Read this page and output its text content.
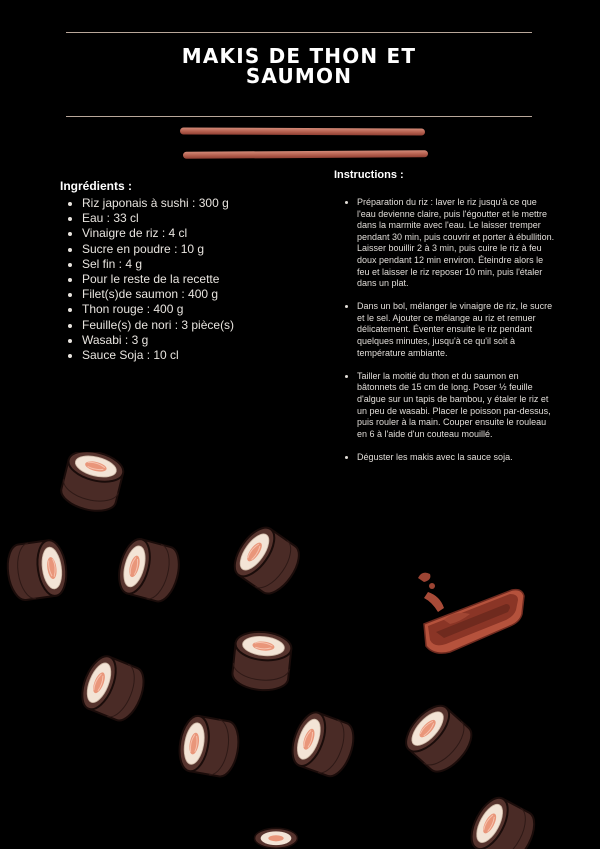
MAKIS DE THON ET
SAUMON
Ingrédients :
• Riz japonais à sushi : 300 g
• Eau : 33 cl
• Vinaigre de riz : 4 cl
• Sucre en poudre : 10 g
• Sel fin : 4 g
• Pour le reste de la recette
• Filet(s)de saumon : 400 g
• Thon rouge : 400 g
• Feuille(s) de nori : 3 pièce(s)
• Wasabi : 3 g
• Sauce Soja : 10 cl
Instructions :
• Préparation du riz : laver le riz jusqu'à ce que l'eau devienne claire, puis l'égoutter et le mettre dans la marmite avec l'eau. Le laisser tremper pendant 30 min, puis couvrir et porter à ébullition. Laisser bouillir 2 à 3 min, puis cuire le riz à feu doux pendant 12 min environ. Éteindre alors le feu et laisser le riz reposer 10 min, puis l'étaler dans un plat.
• Dans un bol, mélanger le vinaigre de riz, le sucre et le sel. Ajouter ce mélange au riz et remuer délicatement. Éventer ensuite le riz pendant quelques minutes, jusqu'à ce qu'il soit à température ambiante.
• Tailler la moitié du thon et du saumon en bâtonnets de 15 cm de long. Poser ½ feuille d'algue sur un tapis de bambou, y étaler le riz et un peu de wasabi. Placer le poisson par-dessus, puis rouler à la main. Couper ensuite le rouleau en 6 à l'aide d'un couteau mouillé.
• Déguster les makis avec la sauce soja.
